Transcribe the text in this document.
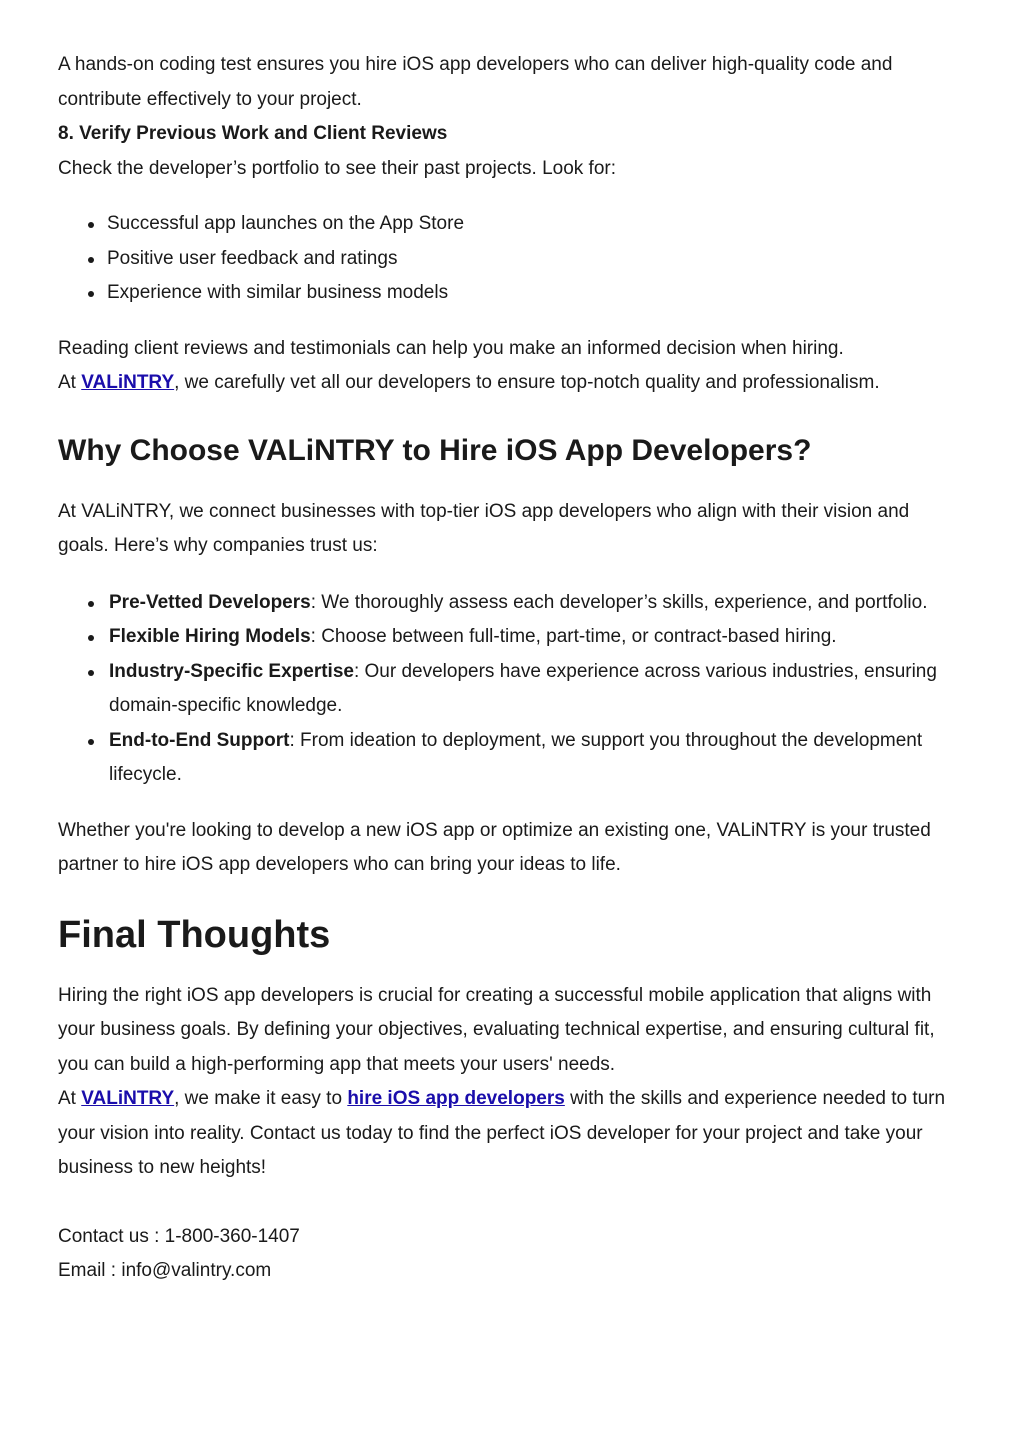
A hands-on coding test ensures you hire iOS app developers who can deliver high-quality code and contribute effectively to your project.

8. Verify Previous Work and Client Reviews

Check the developer’s portfolio to see their past projects. Look for:

Successful app launches on the App Store
Positive user feedback and ratings
Experience with similar business models

Reading client reviews and testimonials can help you make an informed decision when hiring.
At VALiNTRY, we carefully vet all our developers to ensure top-notch quality and professionalism.

Why Choose VALiNTRY to Hire iOS App Developers?

At VALiNTRY, we connect businesses with top-tier iOS app developers who align with their vision and goals. Here’s why companies trust us:

Pre-Vetted Developers: We thoroughly assess each developer’s skills, experience, and portfolio.
Flexible Hiring Models: Choose between full-time, part-time, or contract-based hiring.
Industry-Specific Expertise: Our developers have experience across various industries, ensuring domain-specific knowledge.
End-to-End Support: From ideation to deployment, we support you throughout the development lifecycle.

Whether you're looking to develop a new iOS app or optimize an existing one, VALiNTRY is your trusted partner to hire iOS app developers who can bring your ideas to life.

Final Thoughts

Hiring the right iOS app developers is crucial for creating a successful mobile application that aligns with your business goals. By defining your objectives, evaluating technical expertise, and ensuring cultural fit, you can build a high-performing app that meets your users' needs.
At VALiNTRY, we make it easy to hire iOS app developers with the skills and experience needed to turn your vision into reality. Contact us today to find the perfect iOS developer for your project and take your business to new heights!

Contact us : 1-800-360-1407

Email : info@valintry.com
